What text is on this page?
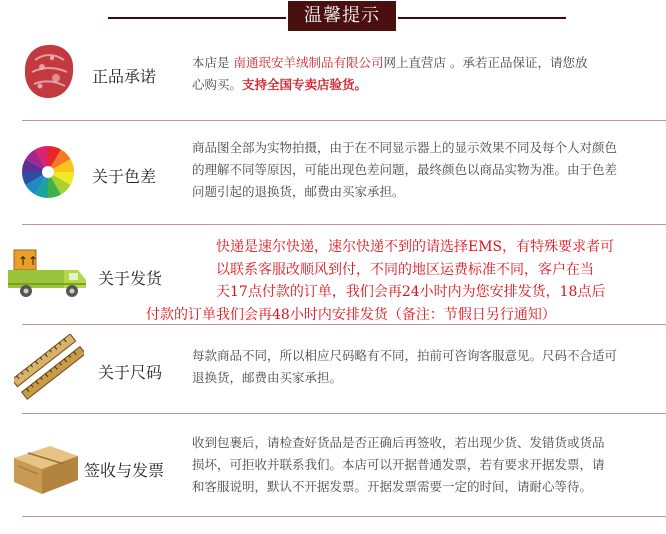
温馨提示
正品承诺
本店是 南通珉安羊绒制品有限公司网上直营店 。承若正品保证，请您放
心购买。支持全国专卖店验货。
关于色差
商品图全部为实物拍摄，由于在不同显示器上的显示效果不同及每个人对颜色
的理解不同等原因，可能出现色差问题，最终颜色以商品实物为准。由于色差
问题引起的退换货，邮费由买家承担。
↑↑
关于发货
　　　　　快递是速尔快递，速尔快递不到的请选择EMS，有特殊要求者可
　　　　　以联系客服改顺风到付，不同的地区运费标准不同，客户在当
　　　　　天17点付款的订单，我们会再24小时内为您安排发货，18点后
付款的订单我们会再48小时内安排发货（备注：节假日另行通知）
关于尺码
每款商品不同，所以相应尺码略有不同，拍前可咨询客服意见。尺码不合适可
退换货，邮费由买家承担。
签收与发票
收到包裹后，请检查好货品是否正确后再签收，若出现少货、发错货或货品
损坏，可拒收并联系我们。本店可以开据普通发票，若有要求开据发票，请
和客服说明，默认不开据发票。开据发票需要一定的时间，请耐心等待。
